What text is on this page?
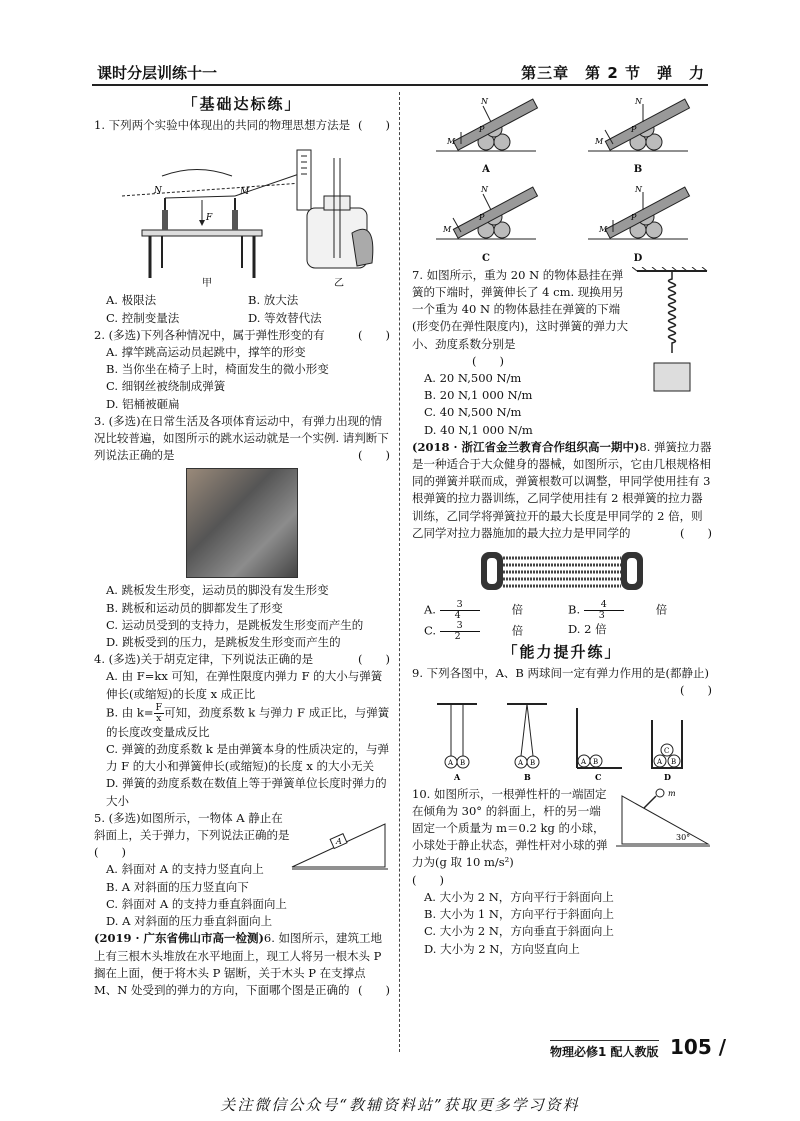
课时分层训练十一	第三章　第 2 节　弹　力
「基础达标练」
1. 下列两个实验中体现出的共同的物理思想方法是 (　　)
N	M
F
甲	乙
A. 极限法	B. 放大法
C. 控制变量法	D. 等效替代法
2. (多选)下列各种情况中，属于弹性形变的有	(　　)
A. 撑竿跳高运动员起跳中，撑竿的形变
B. 当你坐在椅子上时，椅面发生的微小形变
C. 细钢丝被绕制成弹簧
D. 铝桶被砸扁
3. (多选)在日常生活及各项体育运动中，有弹力出现的情况比较普遍，如图所示的跳水运动就是一个实例. 请判断下列说法正确的是	(　　)
A. 跳板发生形变，运动员的脚没有发生形变
B. 跳板和运动员的脚都发生了形变
C. 运动员受到的支持力，是跳板发生形变而产生的
D. 跳板受到的压力，是跳板发生形变而产生的
4. (多选)关于胡克定律，下列说法正确的是	(　　)
A. 由 F=kx 可知，在弹性限度内弹力 F 的大小与弹簧伸长(或缩短)的长度 x 成正比
B. 由 $k= \frac{F}{x}$ 可知，劲度系数 k 与弹力 F 成正比，与弹簧的长度改变量成反比
C. 弹簧的劲度系数 k 是由弹簧本身的性质决定的，与弹力 F 的大小和弹簧伸长(或缩短)的长度 x 的大小无关
D. 弹簧的劲度系数在数值上等于弹簧单位长度时弹力的大小
5. (多选)如图所示，一物体 A 静止在斜面上，关于弹力，下列说法正确的是
(　　)
A
A. 斜面对 A 的支持力竖直向上
B. A 对斜面的压力竖直向下
C. 斜面对 A 的支持力垂直斜面向上
D. A 对斜面的压力垂直斜面向上
(2019 · 广东省佛山市高一检测)6. 如图所示，建筑工地上有三根木头堆放在水平地面上，现工人将另一根木头 P 搁在上面，便于将木头 P 锯断，关于木头 P 在支撑点 M、N 处受到的弹力的方向，下面哪个图是正确的 (　　)
M
N
P
A
M
N
P
B
M
N
P
C
M
N
P
D
7. 如图所示，重为 20 N 的物体悬挂在弹簧的下端时，弹簧伸长了 4 cm. 现换用另一个重为 40 N 的物体悬挂在弹簧的下端(形变仍在弹性限度内)，这时弹簧的弹力大小、劲度系数分别是
(　　)
A. 20 N,500 N/m
B. 20 N,1 000 N/m
C. 40 N,500 N/m
D. 40 N,1 000 N/m
(2018 · 浙江省金兰教育合作组织高一期中)8. 弹簧拉力器是一种适合于大众健身的器械，如图所示，它由几根规格相同的弹簧并联而成，弹簧根数可以调整，甲同学使用挂有 3 根弹簧的拉力器训练，乙同学使用挂有 2 根弹簧的拉力器训练，乙同学将弹簧拉开的最大长度是甲同学的 2 倍，则乙同学对拉力器施加的最大拉力是甲同学的	(　　)
A. $\frac{3}{4}$ 倍	B. $\frac{4}{3}$ 倍
C. $\frac{3}{2}$ 倍	D. 2 倍
「能力提升练」
9. 下列各图中，A、B 两球间一定有弹力作用的是(都静止)
(　　)
A B
A
A B
B
A B
C
A B
C
D
10. 如图所示，一根弹性杆的一端固定在倾角为 30° 的斜面上，杆的另一端固定一个质量为 m＝0.2 kg 的小球，小球处于静止状态，弹性杆对小球的弹力为(g 取 10 m/s²)
(　　)
m
30°
A. 大小为 2 N，方向平行于斜面向上
B. 大小为 1 N，方向平行于斜面向上
C. 大小为 2 N，方向垂直于斜面向上
D. 大小为 2 N，方向竖直向上
物理必修1 配人教版 105 /
关注微信公众号“教辅资料站”获取更多学习资料
